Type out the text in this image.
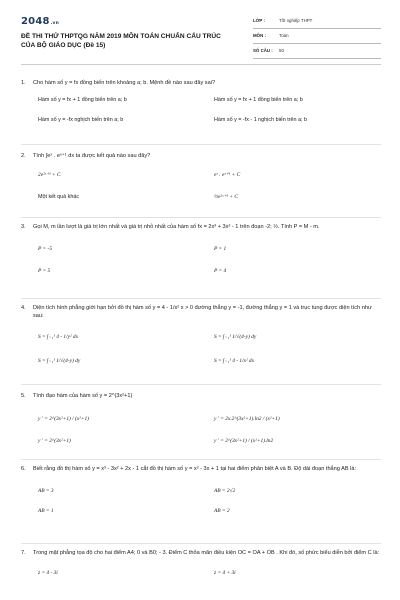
2048.vn
ĐỀ THI THỬ THPTQG NĂM 2019 MÔN TOÁN CHUẨN CẤU TRÚC CỦA BỘ GIÁO DỤC (Đề 15)
LỚP :	Tốt nghiệp THPT
MÔN :	Toán
SỐ CÂU :	50
1.	Cho hàm số y = fx đồng biến trên khoảng a; b. Mệnh đề nào sau đây sai?
Hàm số y = fx + 1 đồng biến trên a; b	Hàm số y = fx + 1 đồng biến trên a; b
Hàm số y = -fx nghịch biến trên a; b	Hàm số y = -fx - 1 nghịch biến trên a; b
2.	Tính ∫eˣ . eˣ⁺¹ dx ta được kết quả nào sau đây?
2e²ˣ⁺¹ + C	eˣ . eˣ⁺¹ + C
Một kết quả khác	½e²ˣ⁺¹ + C
3.	Gọi M, m lần lượt là giá trị lớn nhất và giá trị nhỏ nhất của hàm số fx = 2x³ + 3x² - 1 trên đoạn -2; ½. Tính P = M - m.
P = -5	P = 1
P = 5	P = 4
4.	Diện tích hình phẳng giới hạn bởi đồ thị hàm số y = 4 - 1/x² x > 0 đường thẳng y = -1, đường thẳng y = 1 và trục tung được diện tích như sau:
S = ∫₋₁¹ 4 - 1/y² dx	S = ∫₋₁¹ 1/√(4-y) dy
S = ∫₋₁¹ 1/√(4-y) dy	S = ∫₋₁¹ 4 - 1/x² dx
5.	Tính đạo hàm của hàm số y = 2^(3x²+1)
y ' = 2^(3x²+1) / (x²+1)	y ' = 2x.2^(3x²+1).ln2 / (x²+1)
y ' = 2^(3x²+1)	y ' = 2^(3x²+1) / (x²+1).ln2
6.	Biết rằng đồ thị hàm số y = x³ - 3x² + 2x - 1 cắt đồ thị hàm số y = x² - 3x + 1 tại hai điểm phân biệt A và B. Độ dài đoạn thẳng AB là:
AB = 3	AB = 2√2
AB = 1	AB = 2
7.	Trong mặt phẳng tọa độ cho hai điểm A4; 0 và B0; - 3. Điểm C thỏa mãn điều kiện OC = OA + OB . Khi đó, số phức biểu diễn bởi điểm C là:
z = 4 - 3i	z = 4 + 3i
